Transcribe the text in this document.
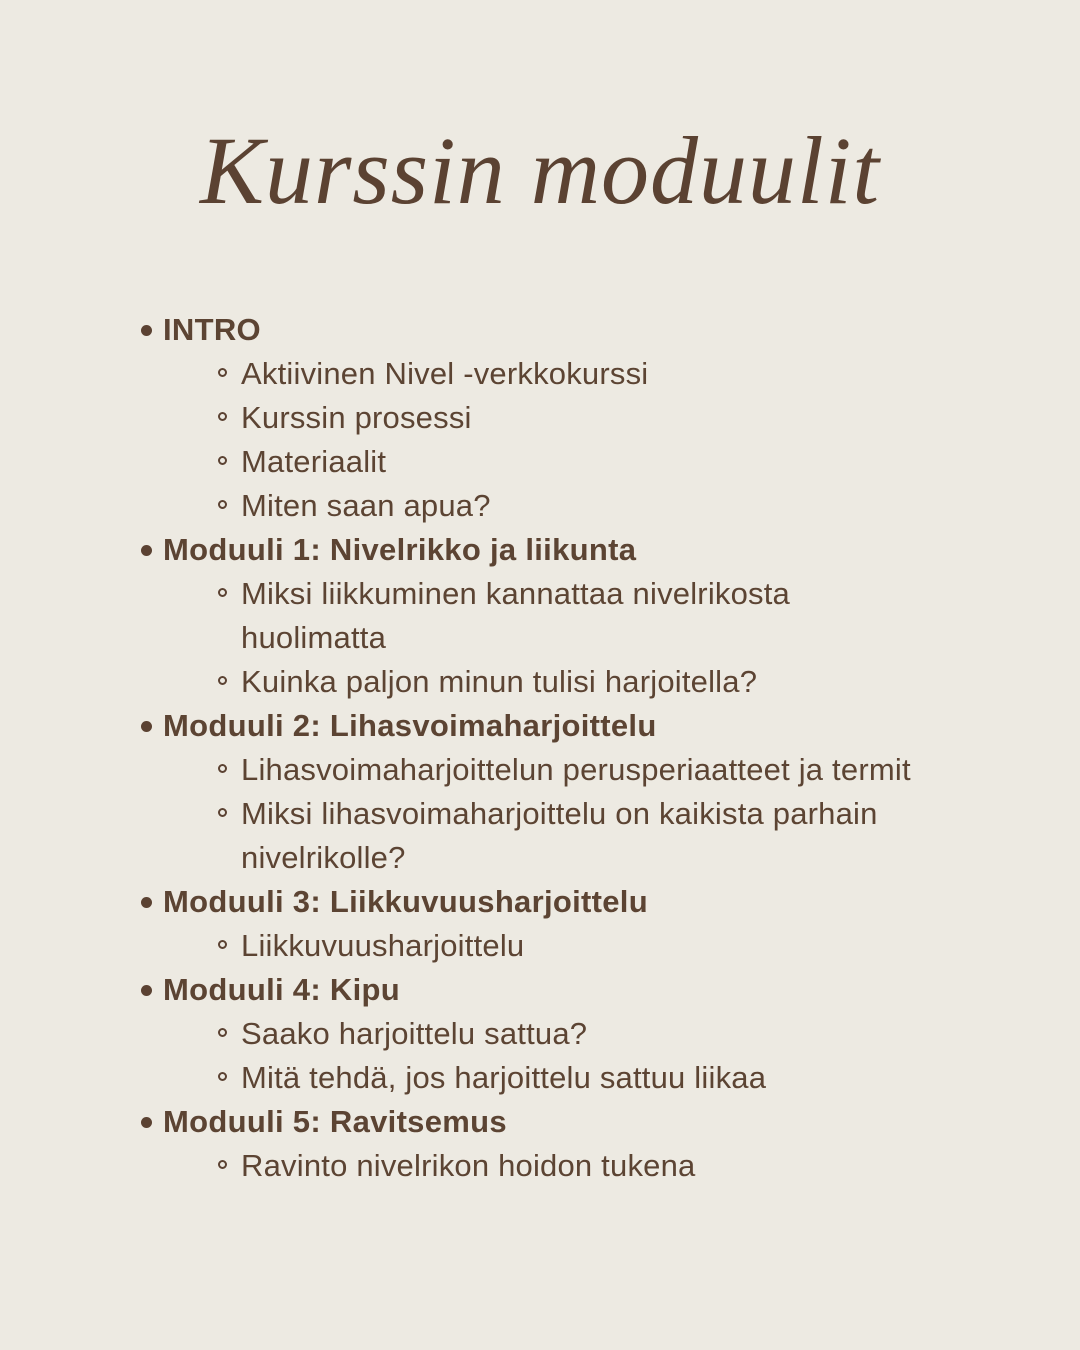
Kurssin moduulit
INTRO
Aktiivinen Nivel -verkkokurssi
Kurssin prosessi
Materiaalit
Miten saan apua?
Moduuli 1: Nivelrikko ja liikunta
Miksi liikkuminen kannattaa nivelrikosta huolimatta
Kuinka paljon minun tulisi harjoitella?
Moduuli 2: Lihasvoimaharjoittelu
Lihasvoimaharjoittelun perusperiaatteet ja termit
Miksi lihasvoimaharjoittelu on kaikista parhain nivelrikolle?
Moduuli 3: Liikkuvuusharjoittelu
Liikkuvuusharjoittelu
Moduuli 4: Kipu
Saako harjoittelu sattua?
Mitä tehdä, jos harjoittelu sattuu liikaa
Moduuli 5: Ravitsemus
Ravinto nivelrikon hoidon tukena
